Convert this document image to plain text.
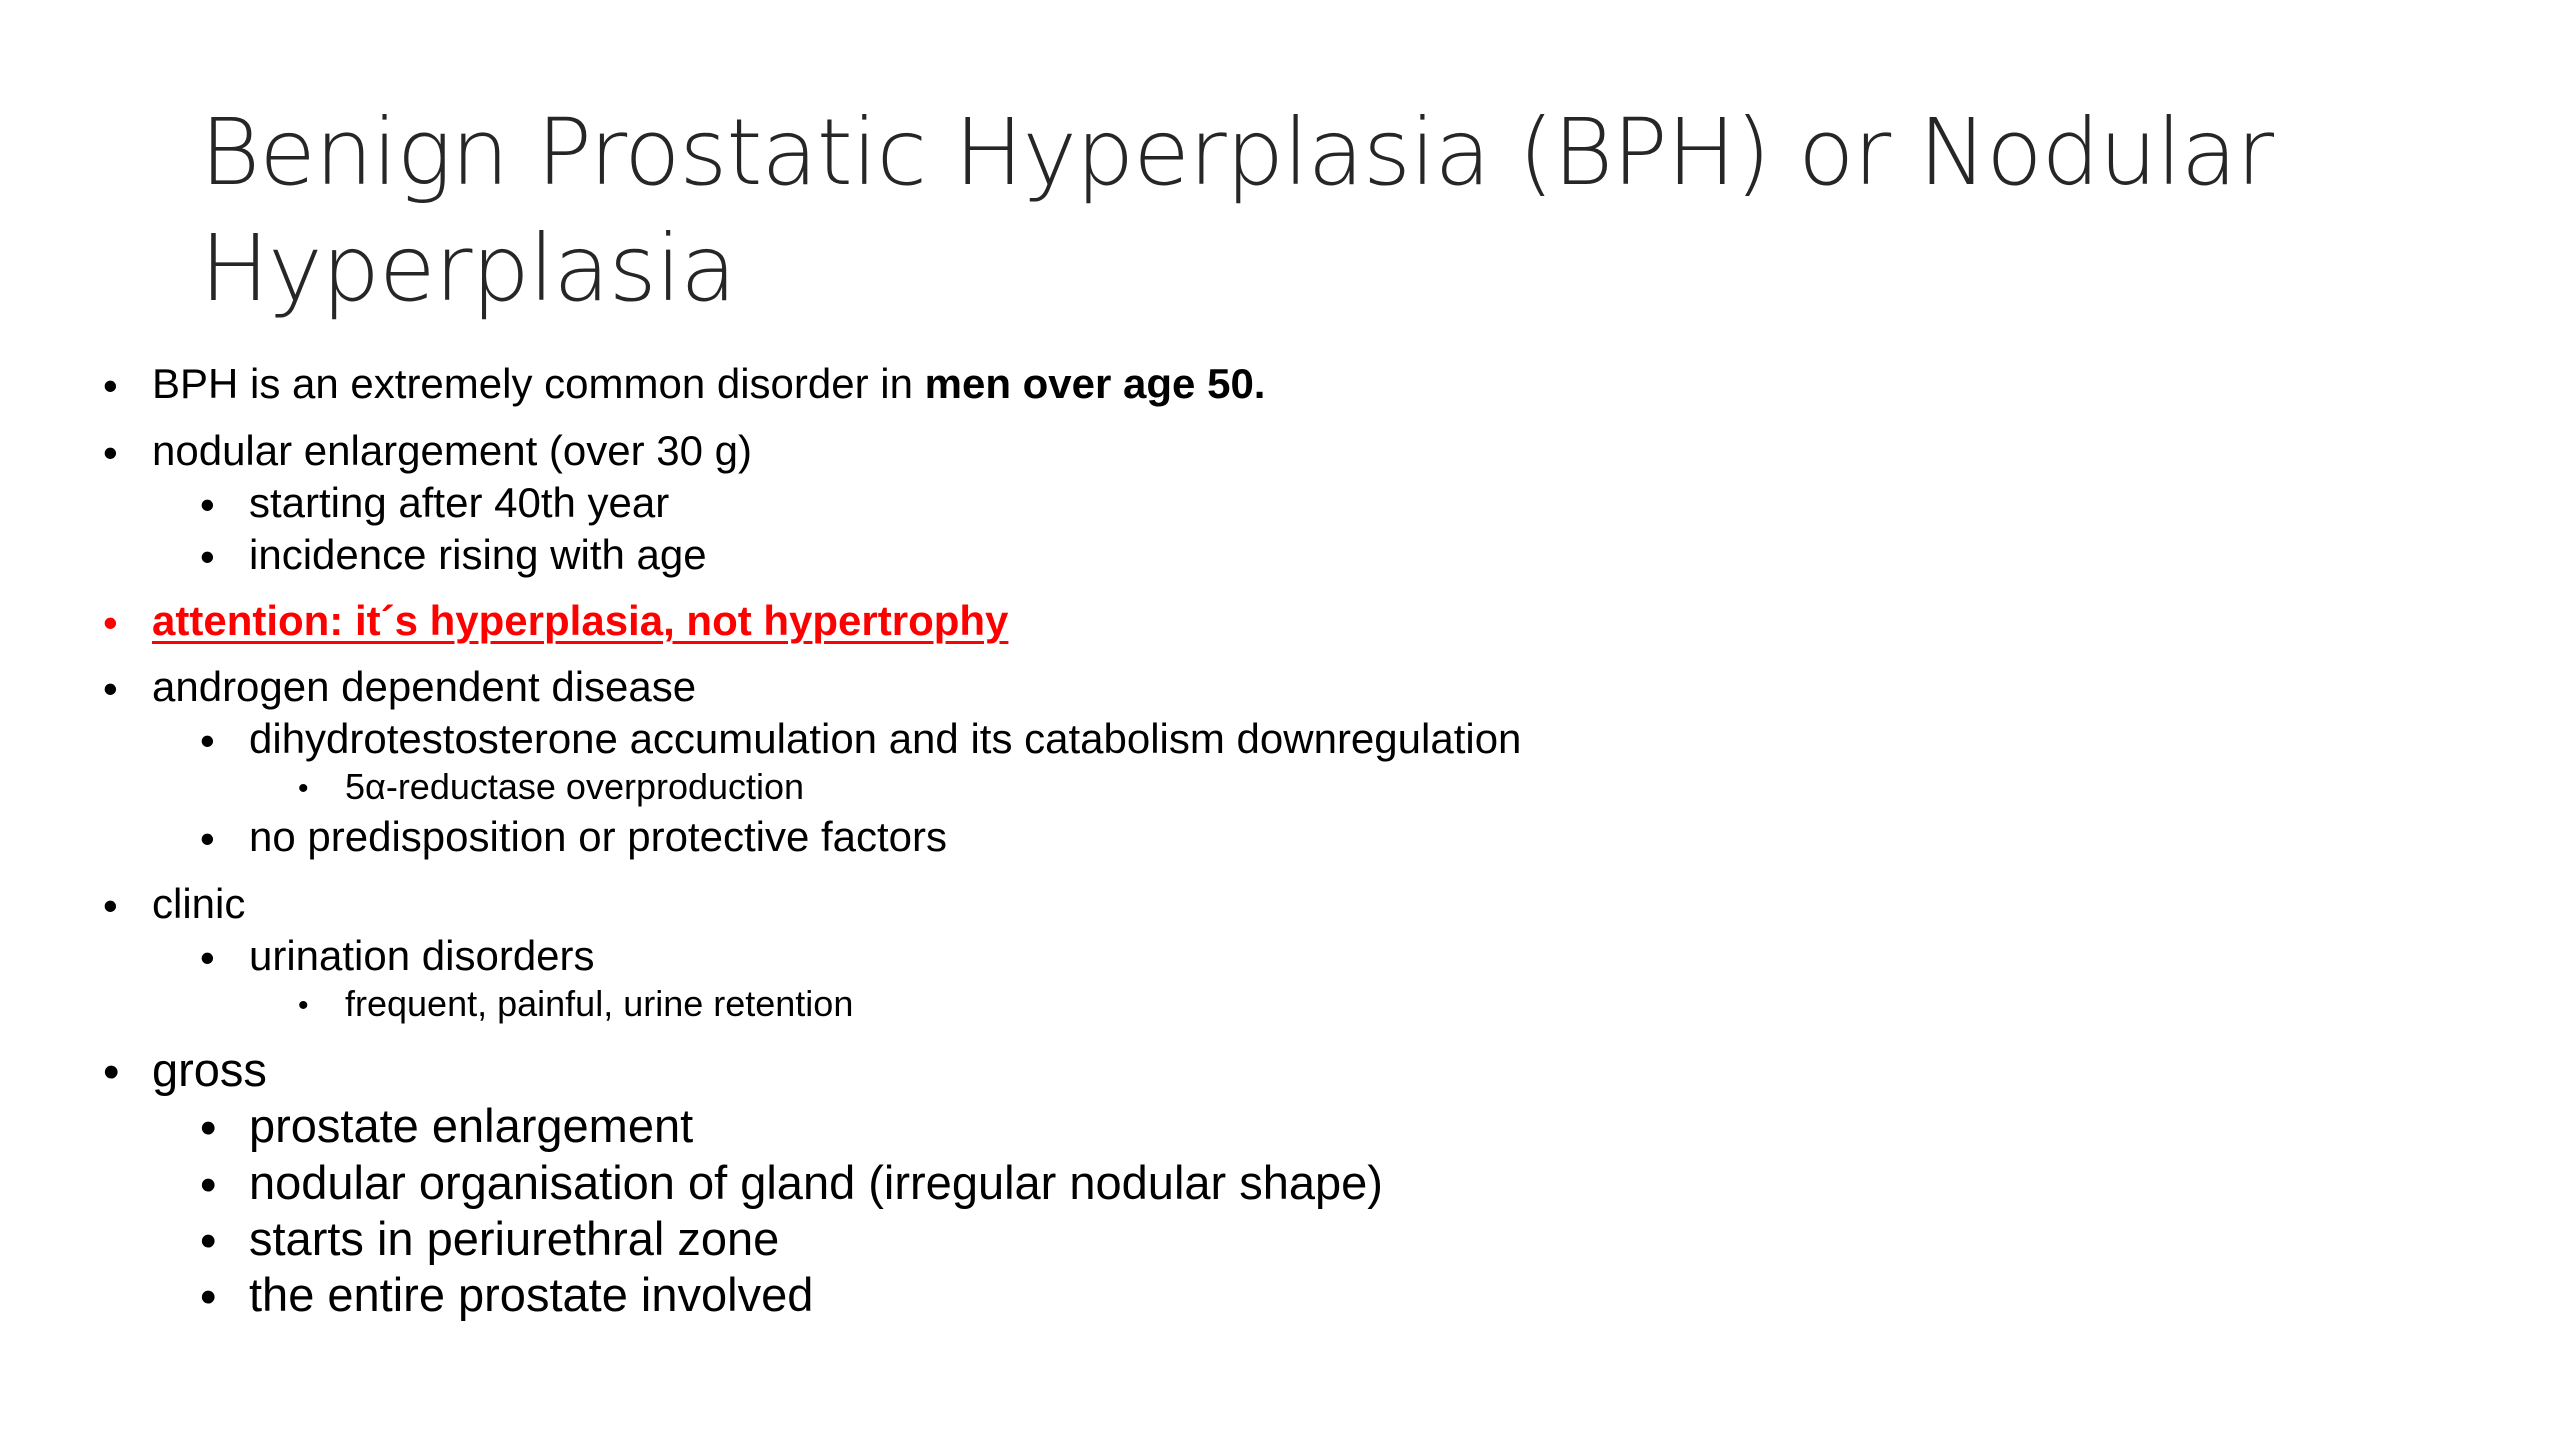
Benign Prostatic Hyperplasia (BPH) or Nodular
Hyperplasia
• BPH is an extremely common disorder in men over age 50.
• nodular enlargement (over 30 g)
• starting after 40th year
• incidence rising with age
• attention: it´s hyperplasia, not hypertrophy
• androgen dependent disease
• dihydrotestosterone accumulation and its catabolism downregulation
• 5α-reductase overproduction
• no predisposition or protective factors
• clinic
• urination disorders
• frequent, painful, urine retention
• gross
• prostate enlargement
• nodular organisation of gland (irregular nodular shape)
• starts in periurethral zone
• the entire prostate involved
